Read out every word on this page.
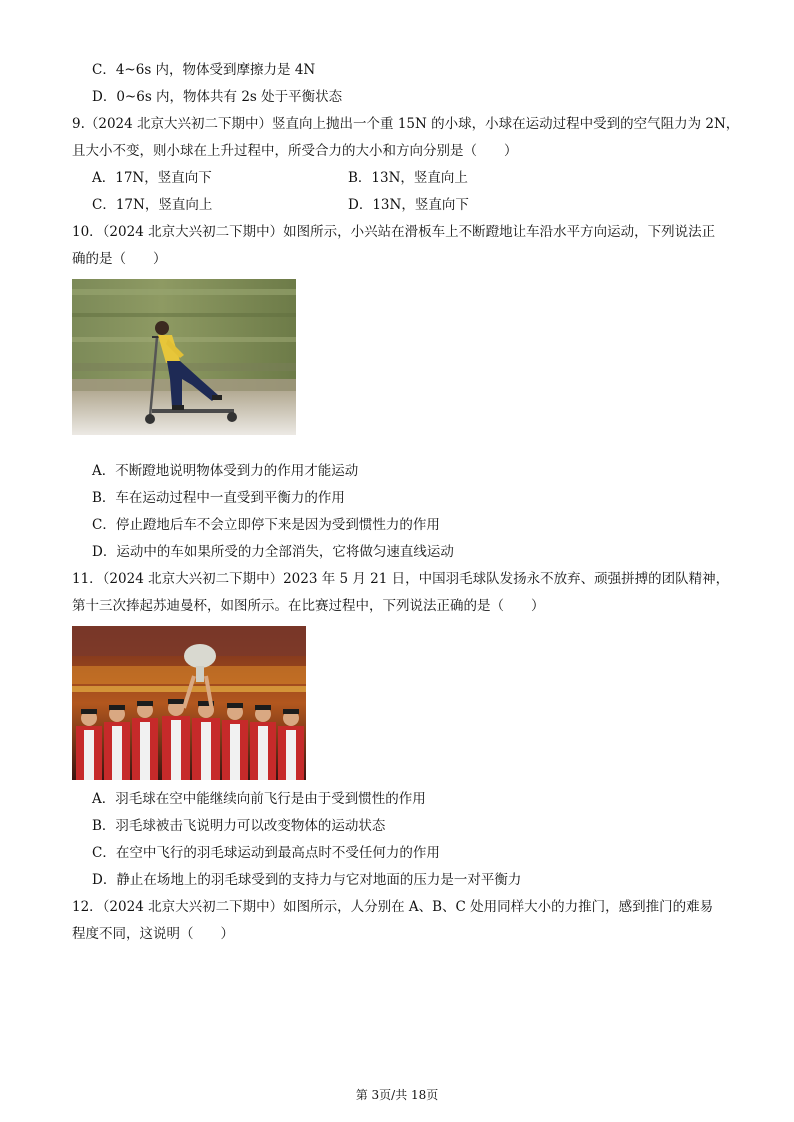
C．4~6s 内，物体受到摩擦力是 4N
D．0~6s 内，物体共有 2s 处于平衡状态
9.（2024 北京大兴初二下期中）竖直向上抛出一个重 15N 的小球，小球在运动过程中受到的空气阻力为 2N，
且大小不变，则小球在上升过程中，所受合力的大小和方向分别是（　　）
A．17N，竖直向下	B．13N，竖直向上
C．17N，竖直向上	D．13N，竖直向下
10．（2024 北京大兴初二下期中）如图所示，小兴站在滑板车上不断蹬地让车沿水平方向运动，下列说法正
确的是（　　）
A．不断蹬地说明物体受到力的作用才能运动
B．车在运动过程中一直受到平衡力的作用
C．停止蹬地后车不会立即停下来是因为受到惯性力的作用
D．运动中的车如果所受的力全部消失，它将做匀速直线运动
11．（2024 北京大兴初二下期中）2023 年 5 月 21 日，中国羽毛球队发扬永不放弃、顽强拼搏的团队精神，
第十三次捧起苏迪曼杯，如图所示。在比赛过程中，下列说法正确的是（　　）
A．羽毛球在空中能继续向前飞行是由于受到惯性的作用
B．羽毛球被击飞说明力可以改变物体的运动状态
C．在空中飞行的羽毛球运动到最高点时不受任何力的作用
D．静止在场地上的羽毛球受到的支持力与它对地面的压力是一对平衡力
12．（2024 北京大兴初二下期中）如图所示，人分别在 A、B、C 处用同样大小的力推门，感到推门的难易
程度不同，这说明（　　）
第 3页/共 18页
